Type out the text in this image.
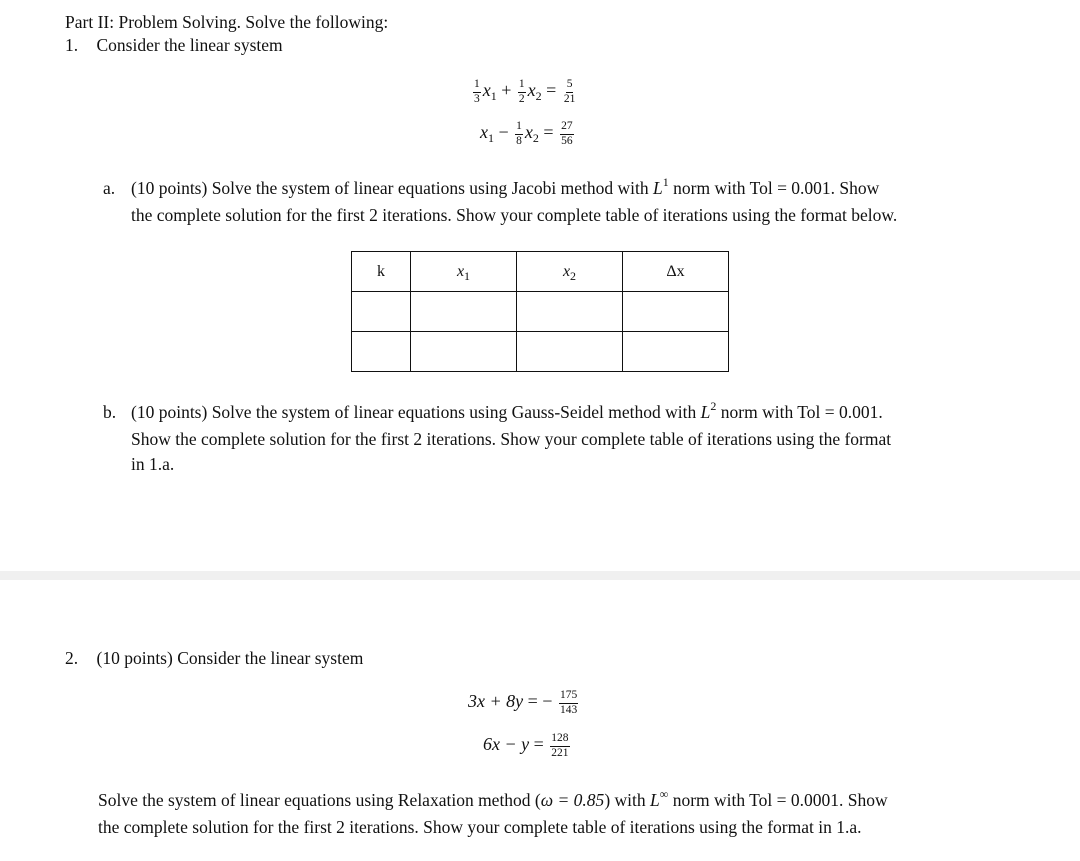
Part II: Problem Solving. Solve the following:
1. Consider the linear system
$\frac{1}{3} x_1 + \frac{1}{2} x_2 = \frac{5}{21}$
$x_1 - \frac{1}{8} x_2 = \frac{27}{56}$
a. (10 points) Solve the system of linear equations using Jacobi method with $L^1$ norm with Tol = 0.001. Show
the complete solution for the first 2 iterations. Show your complete table of iterations using the format below.
k	$x_1$	$x_2$	Δx

b. (10 points) Solve the system of linear equations using Gauss-Seidel method with $L^2$ norm with Tol = 0.001.
Show the complete solution for the first 2 iterations. Show your complete table of iterations using the format
in 1.a.
2. (10 points) Consider the linear system
3x + 8y = − $\frac{175}{143}$
$6x - y = \frac{128}{221}$
Solve the system of linear equations using Relaxation method (ω = 0.85) with L∞ norm with Tol = 0.0001. Show
the complete solution for the first 2 iterations. Show your complete table of iterations using the format in 1.a.
